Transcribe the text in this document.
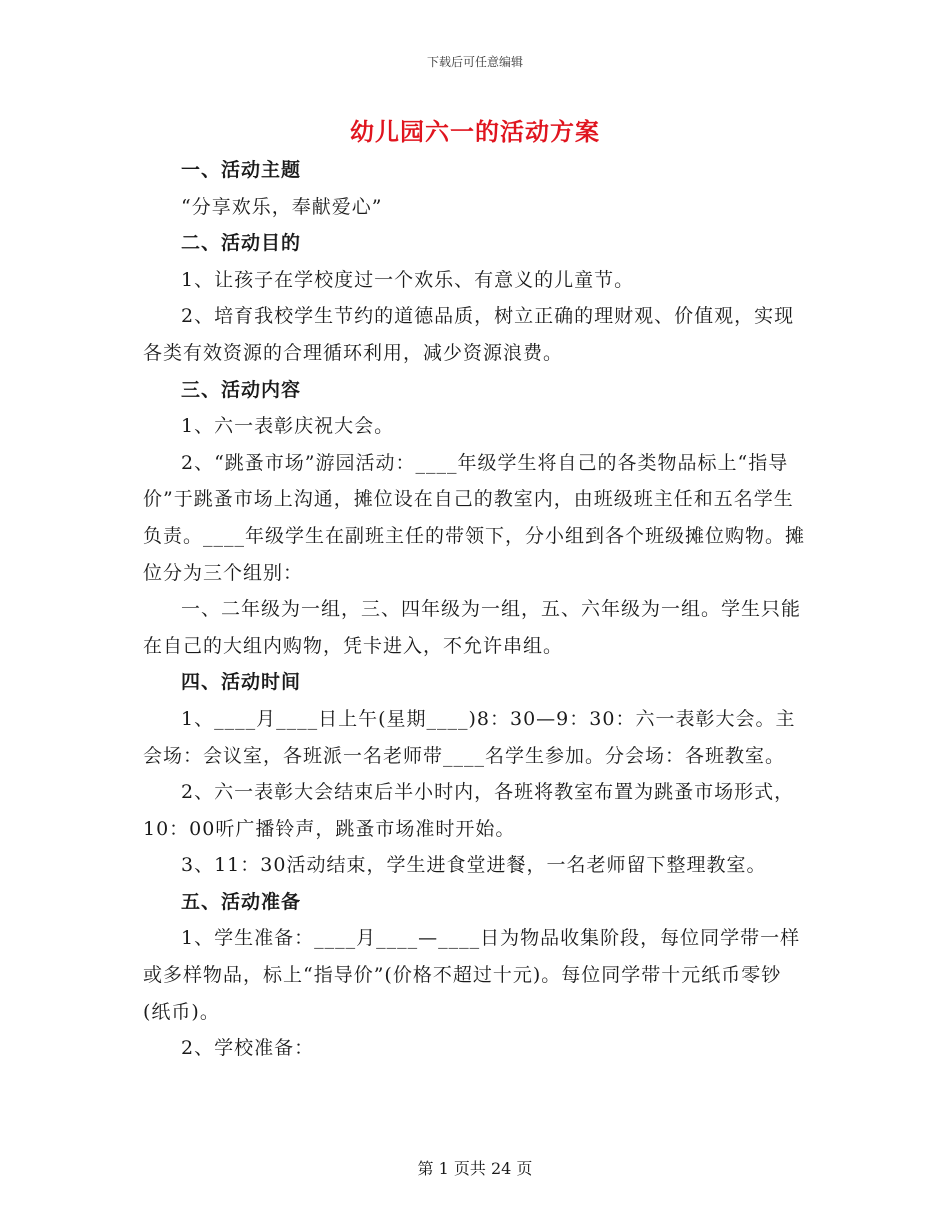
下载后可任意编辑
幼儿园六一的活动方案

一、活动主题

“分享欢乐，奉献爱心”

二、活动目的

1、让孩子在学校度过一个欢乐、有意义的儿童节。

2、培育我校学生节约的道德品质，树立正确的理财观、价值观，实现各类有效资源的合理循环利用，减少资源浪费。

三、活动内容

1、六一表彰庆祝大会。

2、“跳蚤市场”游园活动：____年级学生将自己的各类物品标上“指导价”于跳蚤市场上沟通，摊位设在自己的教室内，由班级班主任和五名学生负责。____年级学生在副班主任的带领下，分小组到各个班级摊位购物。摊位分为三个组别：

一、二年级为一组，三、四年级为一组，五、六年级为一组。学生只能在自己的大组内购物，凭卡进入，不允许串组。

四、活动时间

1、____月____日上午(星期____)8：30—9：30：六一表彰大会。主会场：会议室，各班派一名老师带____名学生参加。分会场：各班教室。

2、六一表彰大会结束后半小时内，各班将教室布置为跳蚤市场形式，10：00听广播铃声，跳蚤市场准时开始。

3、11：30活动结束，学生进食堂进餐，一名老师留下整理教室。

五、活动准备

1、学生准备：____月____—____日为物品收集阶段，每位同学带一样或多样物品，标上“指导价”(价格不超过十元)。每位同学带十元纸币零钞(纸币)。

2、学校准备：

第 1 页共 24 页
